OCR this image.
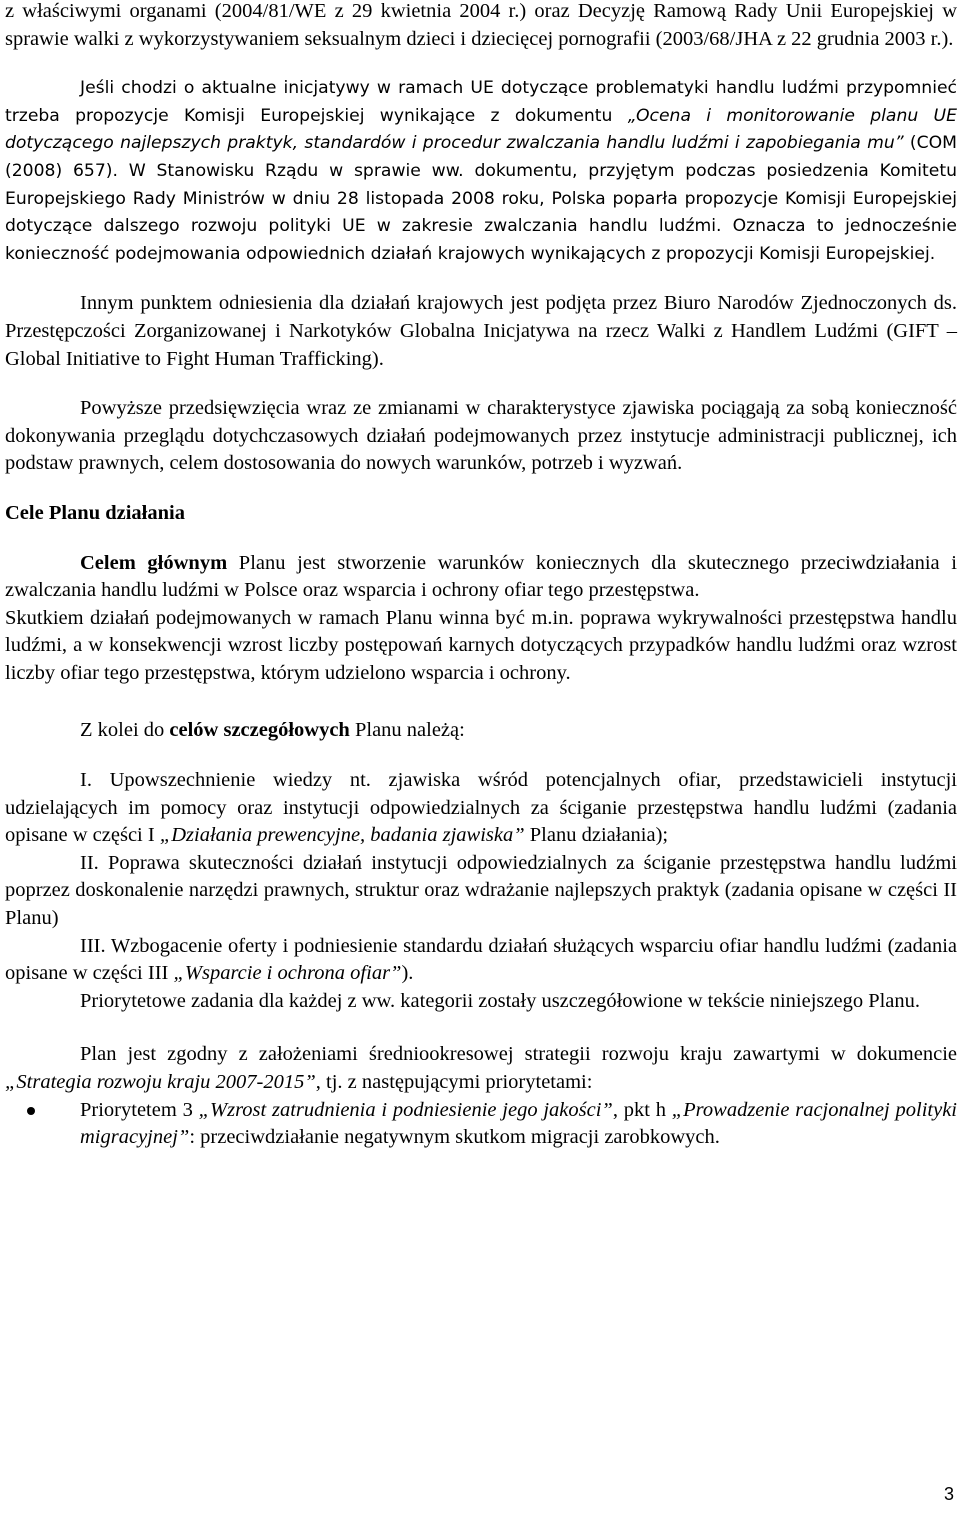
z właściwymi organami (2004/81/WE z 29 kwietnia 2004 r.) oraz Decyzję Ramową Rady Unii Europejskiej w sprawie walki z wykorzystywaniem seksualnym dzieci i dziecięcej pornografii (2003/68/JHA z 22 grudnia 2003 r.).

Jeśli chodzi o aktualne inicjatywy w ramach UE dotyczące problematyki handlu ludźmi przypomnieć trzeba propozycje Komisji Europejskiej wynikające z dokumentu „Ocena i monitorowanie planu UE dotyczącego najlepszych praktyk, standardów i procedur zwalczania handlu ludźmi i zapobiegania mu” (COM (2008) 657). W Stanowisku Rządu w sprawie ww. dokumentu, przyjętym podczas posiedzenia Komitetu Europejskiego Rady Ministrów w dniu 28 listopada 2008 roku, Polska poparła propozycje Komisji Europejskiej dotyczące dalszego rozwoju polityki UE w zakresie zwalczania handlu ludźmi. Oznacza to jednocześnie konieczność podejmowania odpowiednich działań krajowych wynikających z propozycji Komisji Europejskiej.

Innym punktem odniesienia dla działań krajowych jest podjęta przez Biuro Narodów Zjednoczonych ds. Przestępczości Zorganizowanej i Narkotyków Globalna Inicjatywa na rzecz Walki z Handlem Ludźmi (GIFT – Global Initiative to Fight Human Trafficking).

Powyższe przedsięwzięcia wraz ze zmianami w charakterystyce zjawiska pociągają za sobą konieczność dokonywania przeglądu dotychczasowych działań podejmowanych przez instytucje administracji publicznej, ich podstaw prawnych, celem dostosowania do nowych warunków, potrzeb i wyzwań.

Cele Planu działania

Celem głównym Planu jest stworzenie warunków koniecznych dla skutecznego przeciwdziałania i zwalczania handlu ludźmi w Polsce oraz wsparcia i ochrony ofiar tego przestępstwa.

Skutkiem działań podejmowanych w ramach Planu winna być m.in. poprawa wykrywalności przestępstwa handlu ludźmi, a w konsekwencji wzrost liczby postępowań karnych dotyczących przypadków handlu ludźmi oraz wzrost liczby ofiar tego przestępstwa, którym udzielono wsparcia i ochrony.

Z kolei do celów szczegółowych Planu należą:

I. Upowszechnienie wiedzy nt. zjawiska wśród potencjalnych ofiar, przedstawicieli instytucji udzielających im pomocy oraz instytucji odpowiedzialnych za ściganie przestępstwa handlu ludźmi (zadania opisane w części I „Działania prewencyjne, badania zjawiska” Planu działania);

II. Poprawa skuteczności działań instytucji odpowiedzialnych za ściganie przestępstwa handlu ludźmi poprzez doskonalenie narzędzi prawnych, struktur oraz wdrażanie najlepszych praktyk (zadania opisane w części II Planu)

III. Wzbogacenie oferty i podniesienie standardu działań służących wsparciu ofiar handlu ludźmi (zadania opisane w części III „Wsparcie i ochrona ofiar”).

Priorytetowe zadania dla każdej z ww. kategorii zostały uszczegółowione w tekście niniejszego Planu.

Plan jest zgodny z założeniami średniookresowej strategii rozwoju kraju zawartymi w dokumencie „Strategia rozwoju kraju 2007-2015”, tj. z następującymi priorytetami:

Priorytetem 3 „Wzrost zatrudnienia i podniesienie jego jakości”, pkt h „Prowadzenie racjonalnej polityki migracyjnej”: przeciwdziałanie negatywnym skutkom migracji zarobkowych.
3
